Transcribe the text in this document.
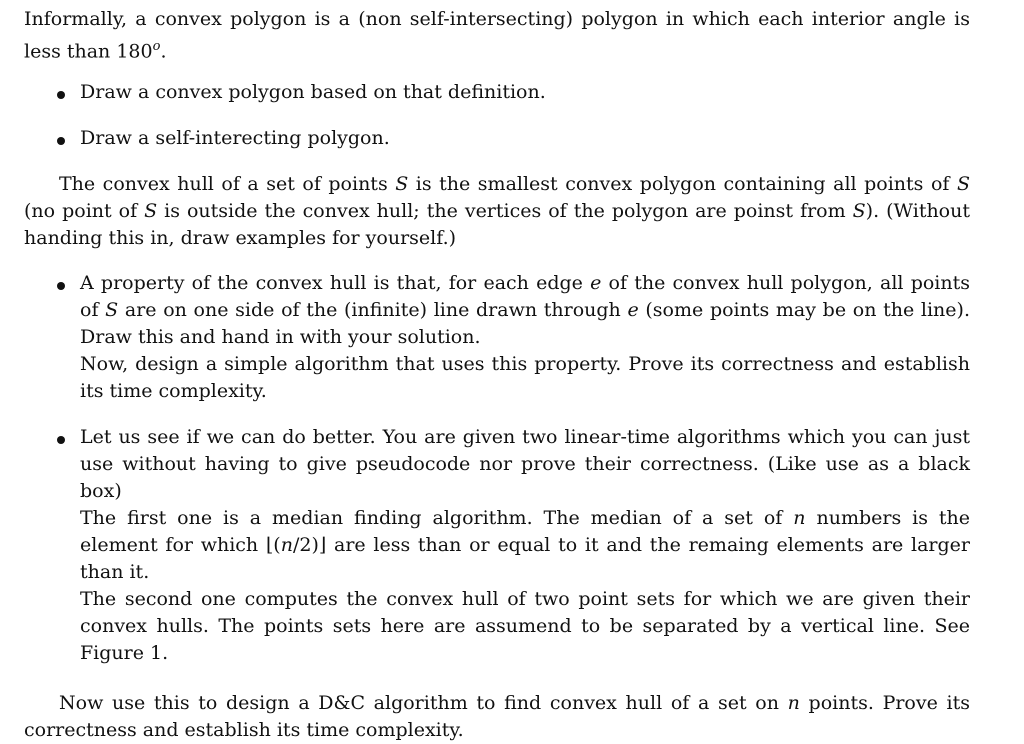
Informally, a convex polygon is a (non self-intersecting) polygon in which each interior angle is less than 180$^o$.

Draw a convex polygon based on that definition.

Draw a self-interecting polygon.

The convex hull of a set of points S is the smallest convex polygon containing all points of S (no point of S is outside the convex hull; the vertices of the polygon are poinst from S). (Without handing this in, draw examples for yourself.)

A property of the convex hull is that, for each edge e of the convex hull polygon, all points of S are on one side of the (infinite) line drawn through e (some points may be on the line). Draw this and hand in with your solution.

Now, design a simple algorithm that uses this property. Prove its correctness and establish its time complexity.

Let us see if we can do better. You are given two linear-time algorithms which you can just use without having to give pseudocode nor prove their correctness. (Like use as a black box)

The first one is a median finding algorithm. The median of a set of n numbers is the element for which ⌊(n/2)⌋ are less than or equal to it and the remaing elements are larger than it.

The second one computes the convex hull of two point sets for which we are given their convex hulls. The points sets here are assumend to be separated by a vertical line. See Figure 1.

Now use this to design a D&C algorithm to find convex hull of a set on n points. Prove its correctness and establish its time complexity.
